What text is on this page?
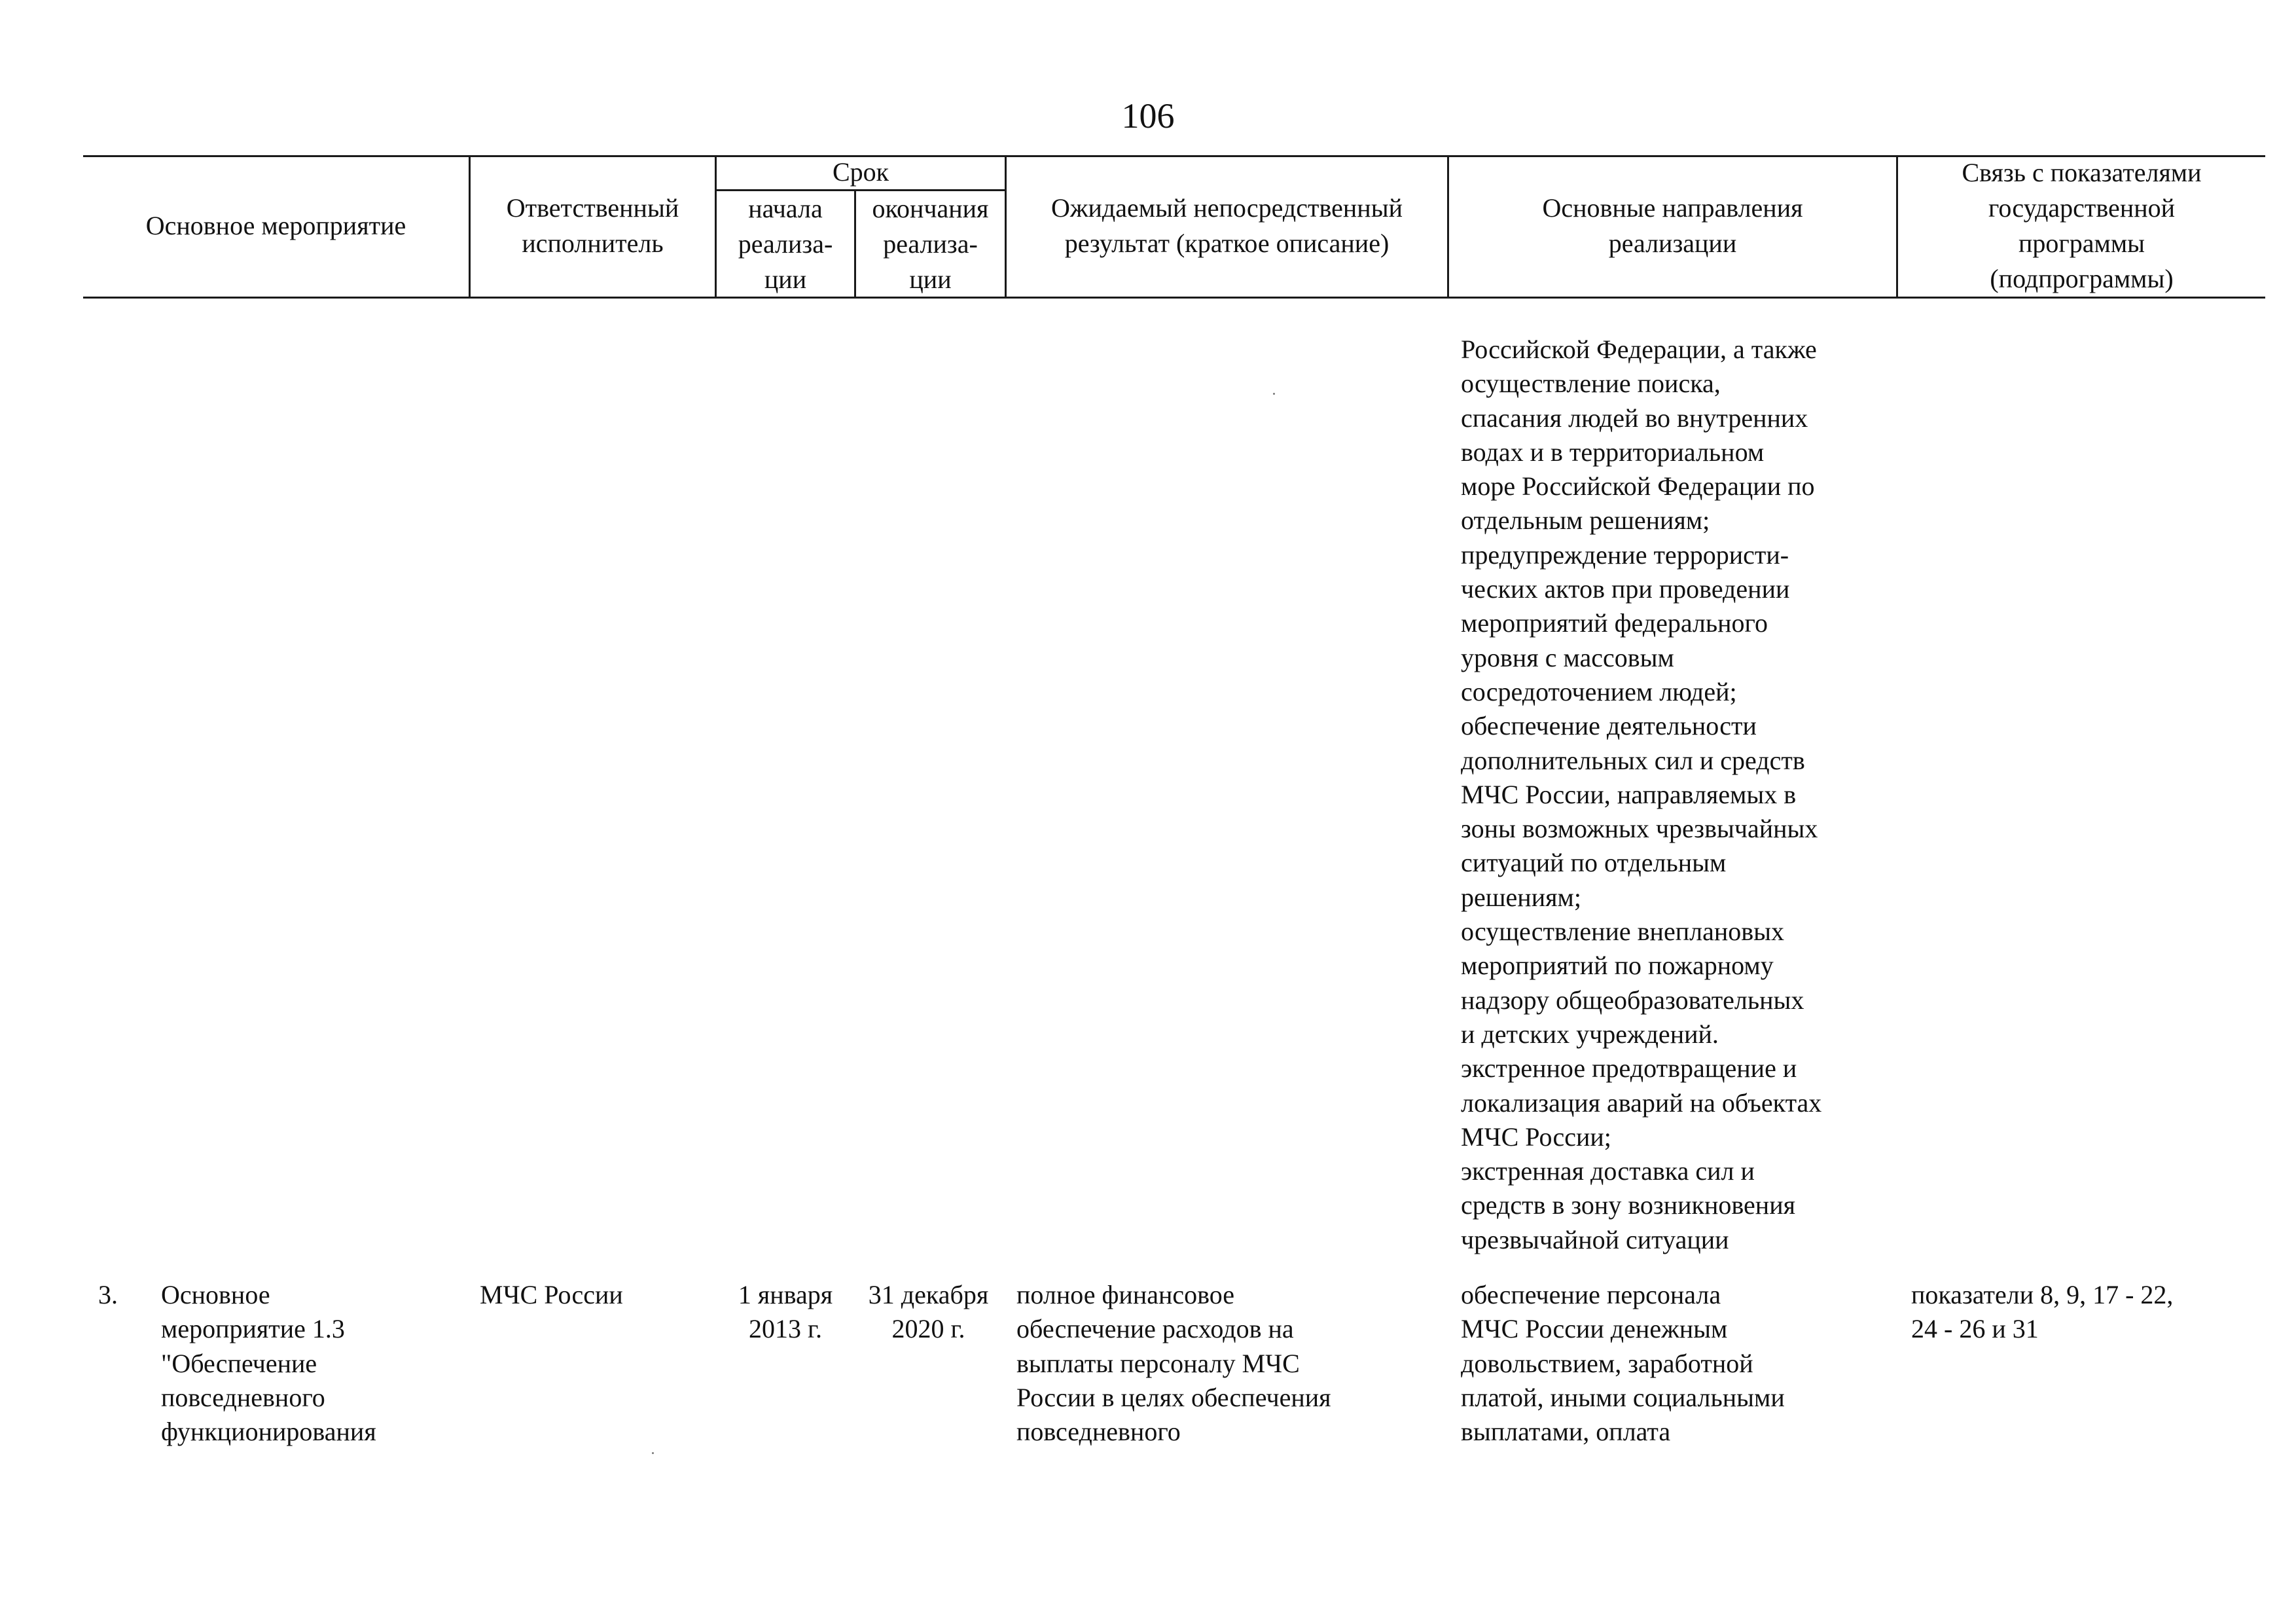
106
Основное мероприятие
Ответственный
исполнитель
Срок
начала
реализа-
ции
окончания
реализа-
ции
Ожидаемый непосредственный
результат (краткое описание)
Основные направления
реализации
Связь с показателями
государственной
программы
(подпрограммы)
Российской Федерации, а также
осуществление поиска,
спасания людей во внутренних
водах и в территориальном
море Российской Федерации по
отдельным решениям;
предупреждение террористи-
ческих актов при проведении
мероприятий федерального
уровня с массовым
сосредоточением людей;
обеспечение деятельности
дополнительных сил и средств
МЧС России, направляемых в
зоны возможных чрезвычайных
ситуаций по отдельным
решениям;
осуществление внеплановых
мероприятий по пожарному
надзору общеобразовательных
и детских учреждений.
экстренное предотвращение и
локализация аварий на объектах
МЧС России;
экстренная доставка сил и
средств в зону возникновения
чрезвычайной ситуации
3. Основное
мероприятие 1.3
"Обеспечение
повседневного
функционирования
МЧС России	1 января
2013 г.
31 декабря
2020 г.
полное финансовое
обеспечение расходов на
выплаты персоналу МЧС
России в целях обеспечения
повседневного
обеспечение персонала
МЧС России денежным
довольствием, заработной
платой, иными социальными
выплатами, оплата
показатели 8, 9, 17 - 22,
24 - 26 и 31
